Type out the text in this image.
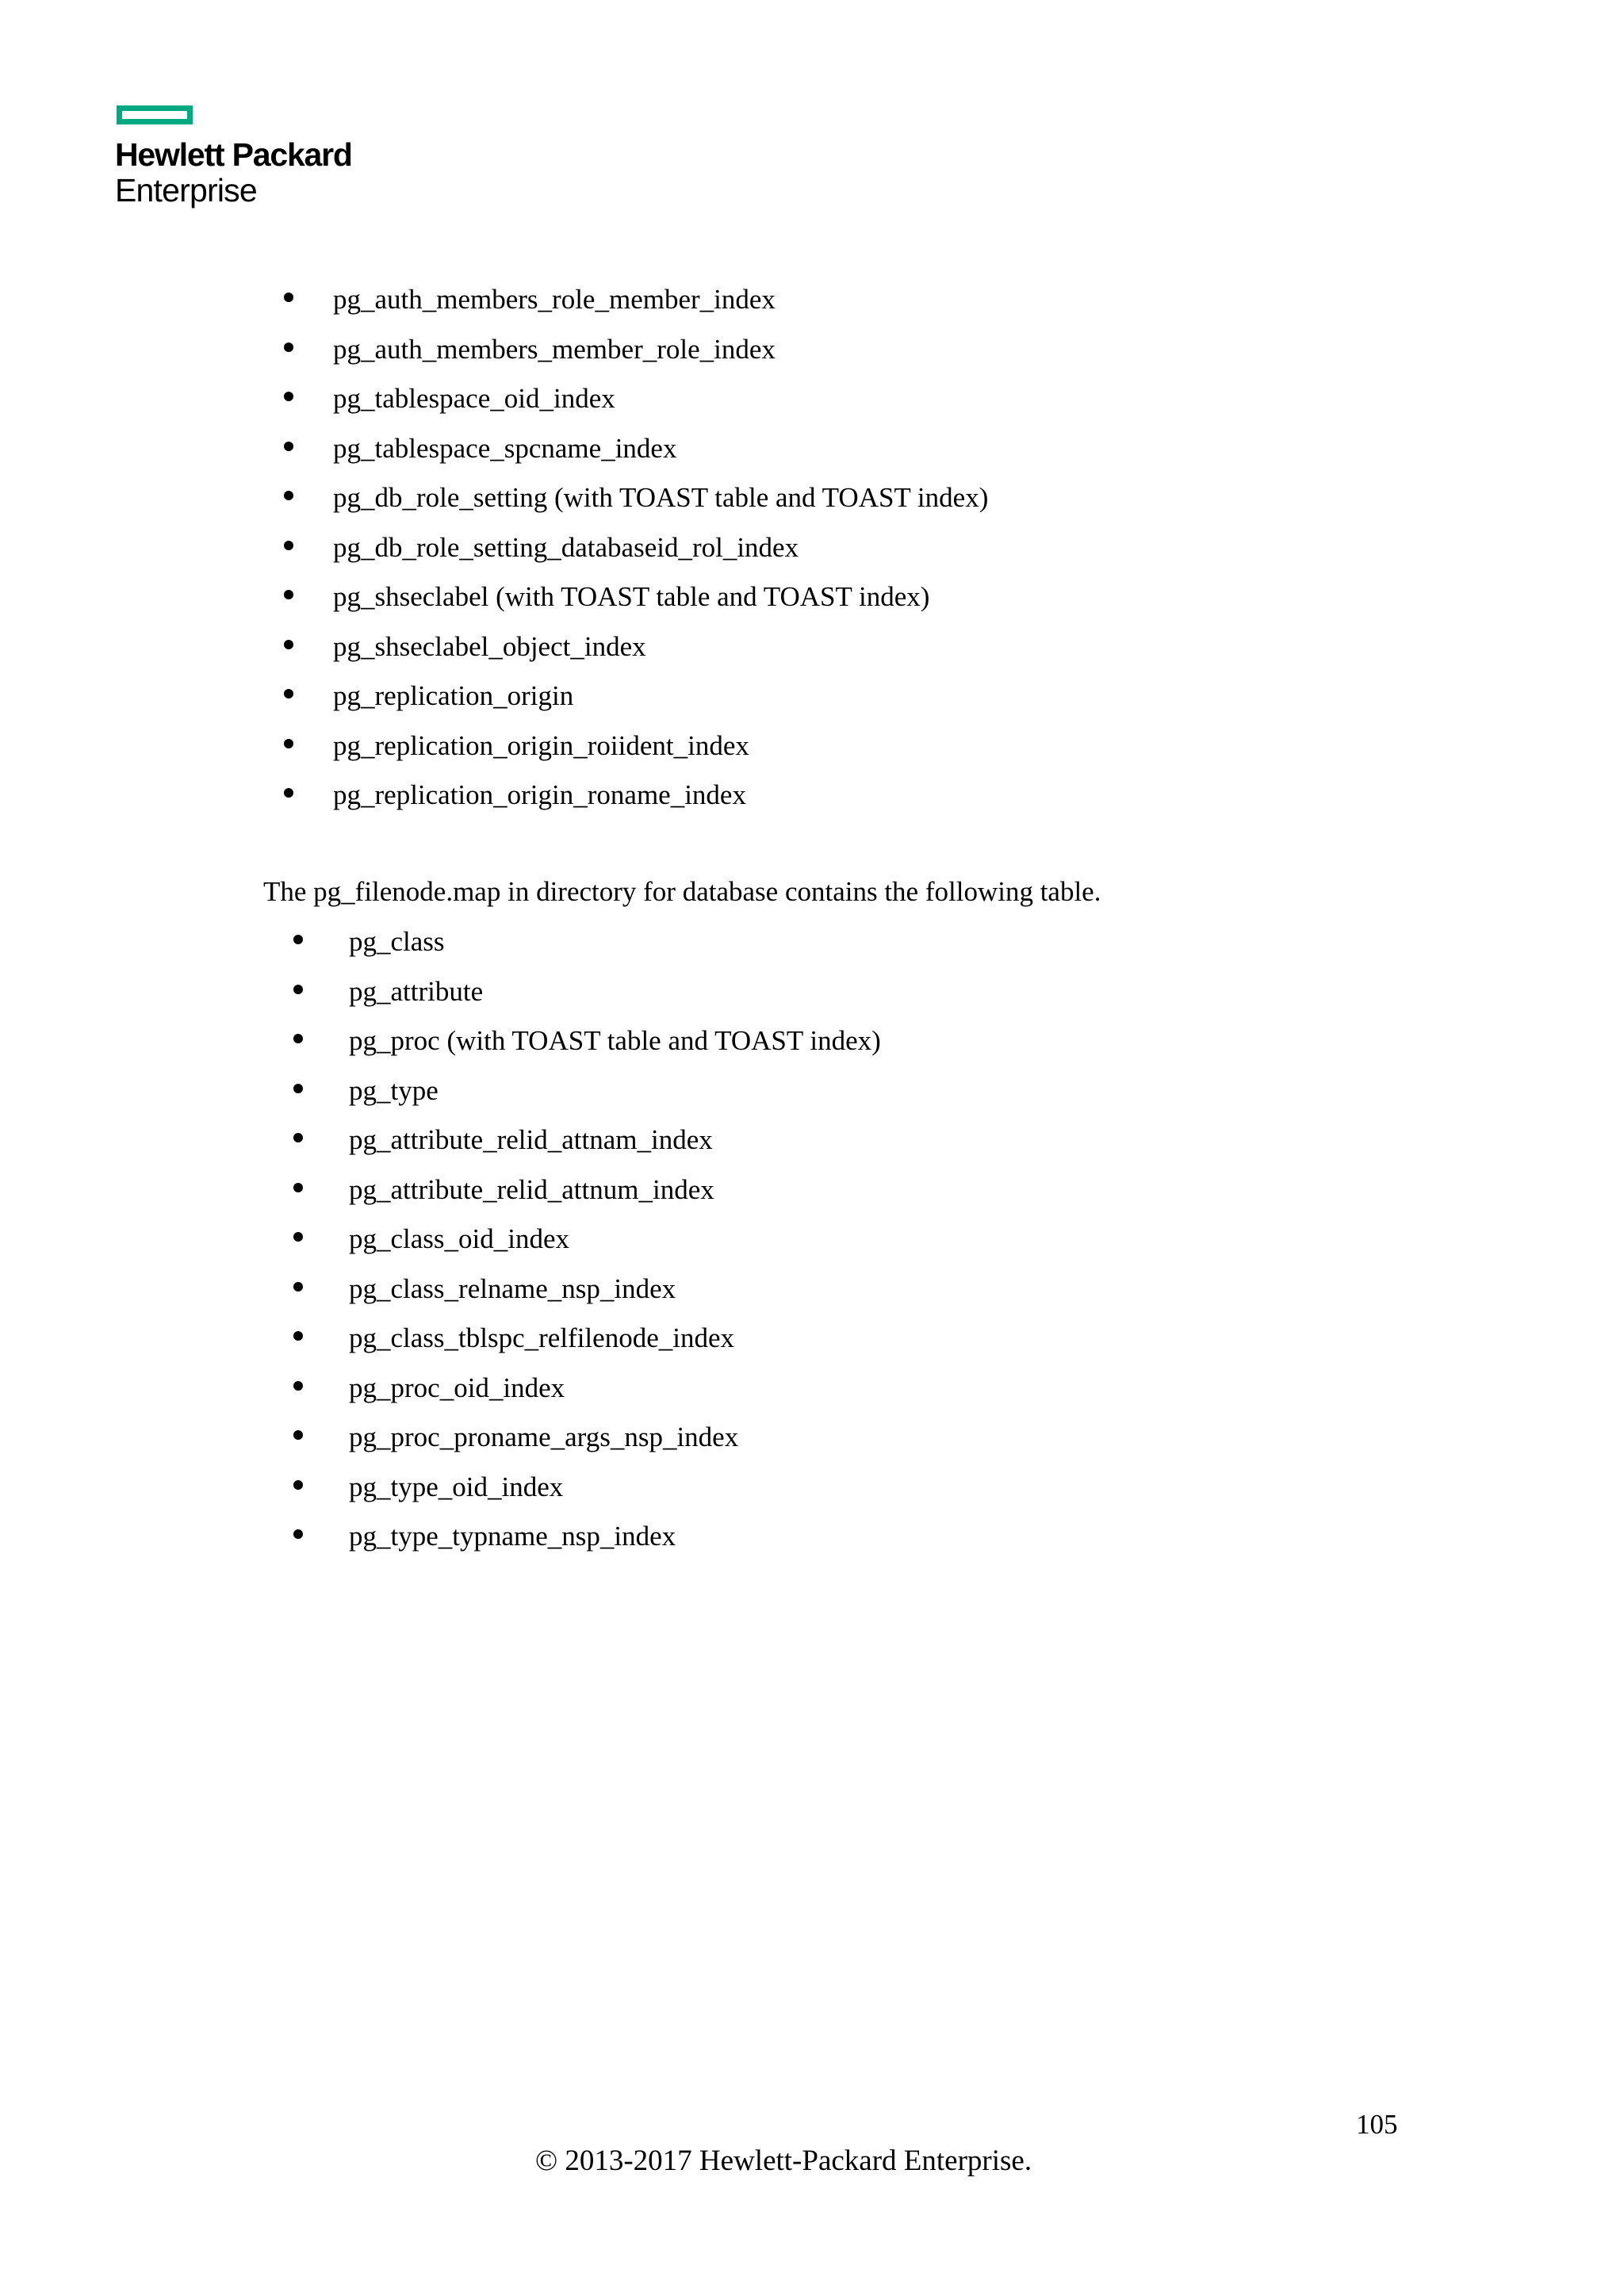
Hewlett Packard
Enterprise
pg_auth_members_role_member_index
pg_auth_members_member_role_index
pg_tablespace_oid_index
pg_tablespace_spcname_index
pg_db_role_setting (with TOAST table and TOAST index)
pg_db_role_setting_databaseid_rol_index
pg_shseclabel (with TOAST table and TOAST index)
pg_shseclabel_object_index
pg_replication_origin
pg_replication_origin_roiident_index
pg_replication_origin_roname_index
The pg_filenode.map in directory for database contains the following table.
pg_class
pg_attribute
pg_proc (with TOAST table and TOAST index)
pg_type
pg_attribute_relid_attnam_index
pg_attribute_relid_attnum_index
pg_class_oid_index
pg_class_relname_nsp_index
pg_class_tblspc_relfilenode_index
pg_proc_oid_index
pg_proc_proname_args_nsp_index
pg_type_oid_index
pg_type_typname_nsp_index
105
© 2013-2017 Hewlett-Packard Enterprise.
